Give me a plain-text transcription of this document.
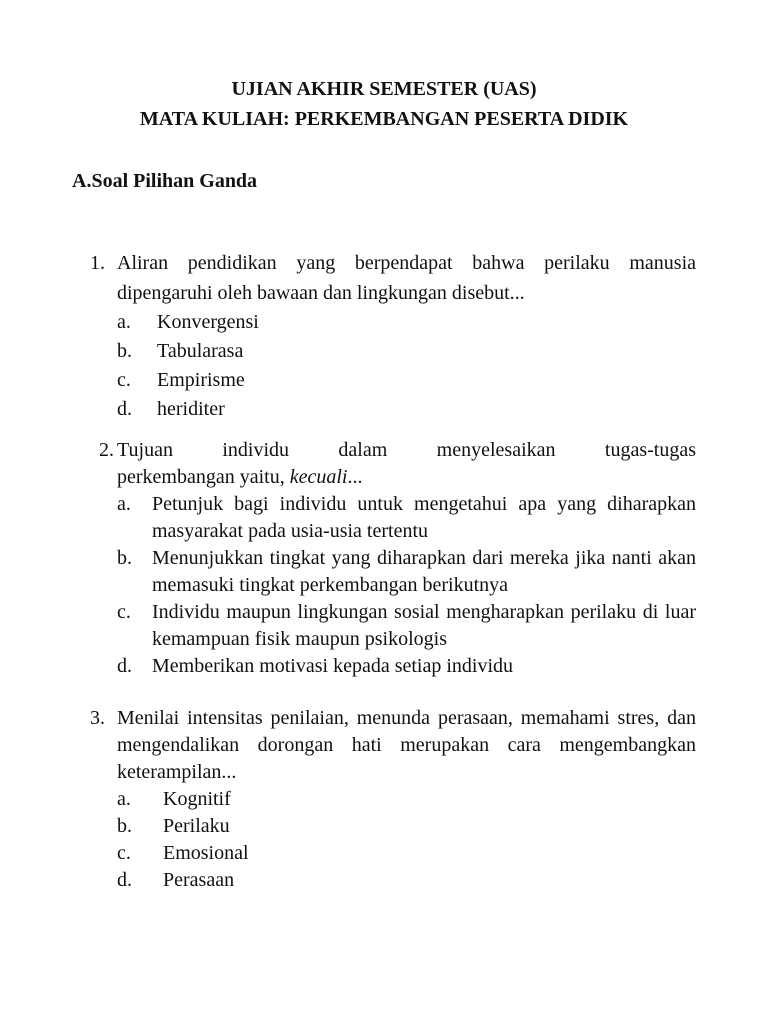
UJIAN AKHIR SEMESTER (UAS)
MATA KULIAH: PERKEMBANGAN PESERTA DIDIK
A.Soal Pilihan Ganda
1. Aliran pendidikan yang berpendapat bahwa perilaku manusia dipengaruhi oleh bawaan dan lingkungan disebut...
a. Konvergensi
b. Tabularasa
c. Empirisme
d. heriditer
2. Tujuan individu dalam menyelesaikan tugas-tugas
perkembangan yaitu, kecuali...
a. Petunjuk bagi individu untuk mengetahui apa yang diharapkan masyarakat pada usia-usia tertentu
b. Menunjukkan tingkat yang diharapkan dari mereka jika nanti akan memasuki tingkat perkembangan berikutnya
c. Individu maupun lingkungan sosial mengharapkan perilaku di luar kemampuan fisik maupun psikologis
d. Memberikan motivasi kepada setiap individu
3. Menilai intensitas penilaian, menunda perasaan, memahami stres, dan mengendalikan dorongan hati merupakan cara mengembangkan keterampilan...
a. Kognitif
b. Perilaku
c. Emosional
d. Perasaan
